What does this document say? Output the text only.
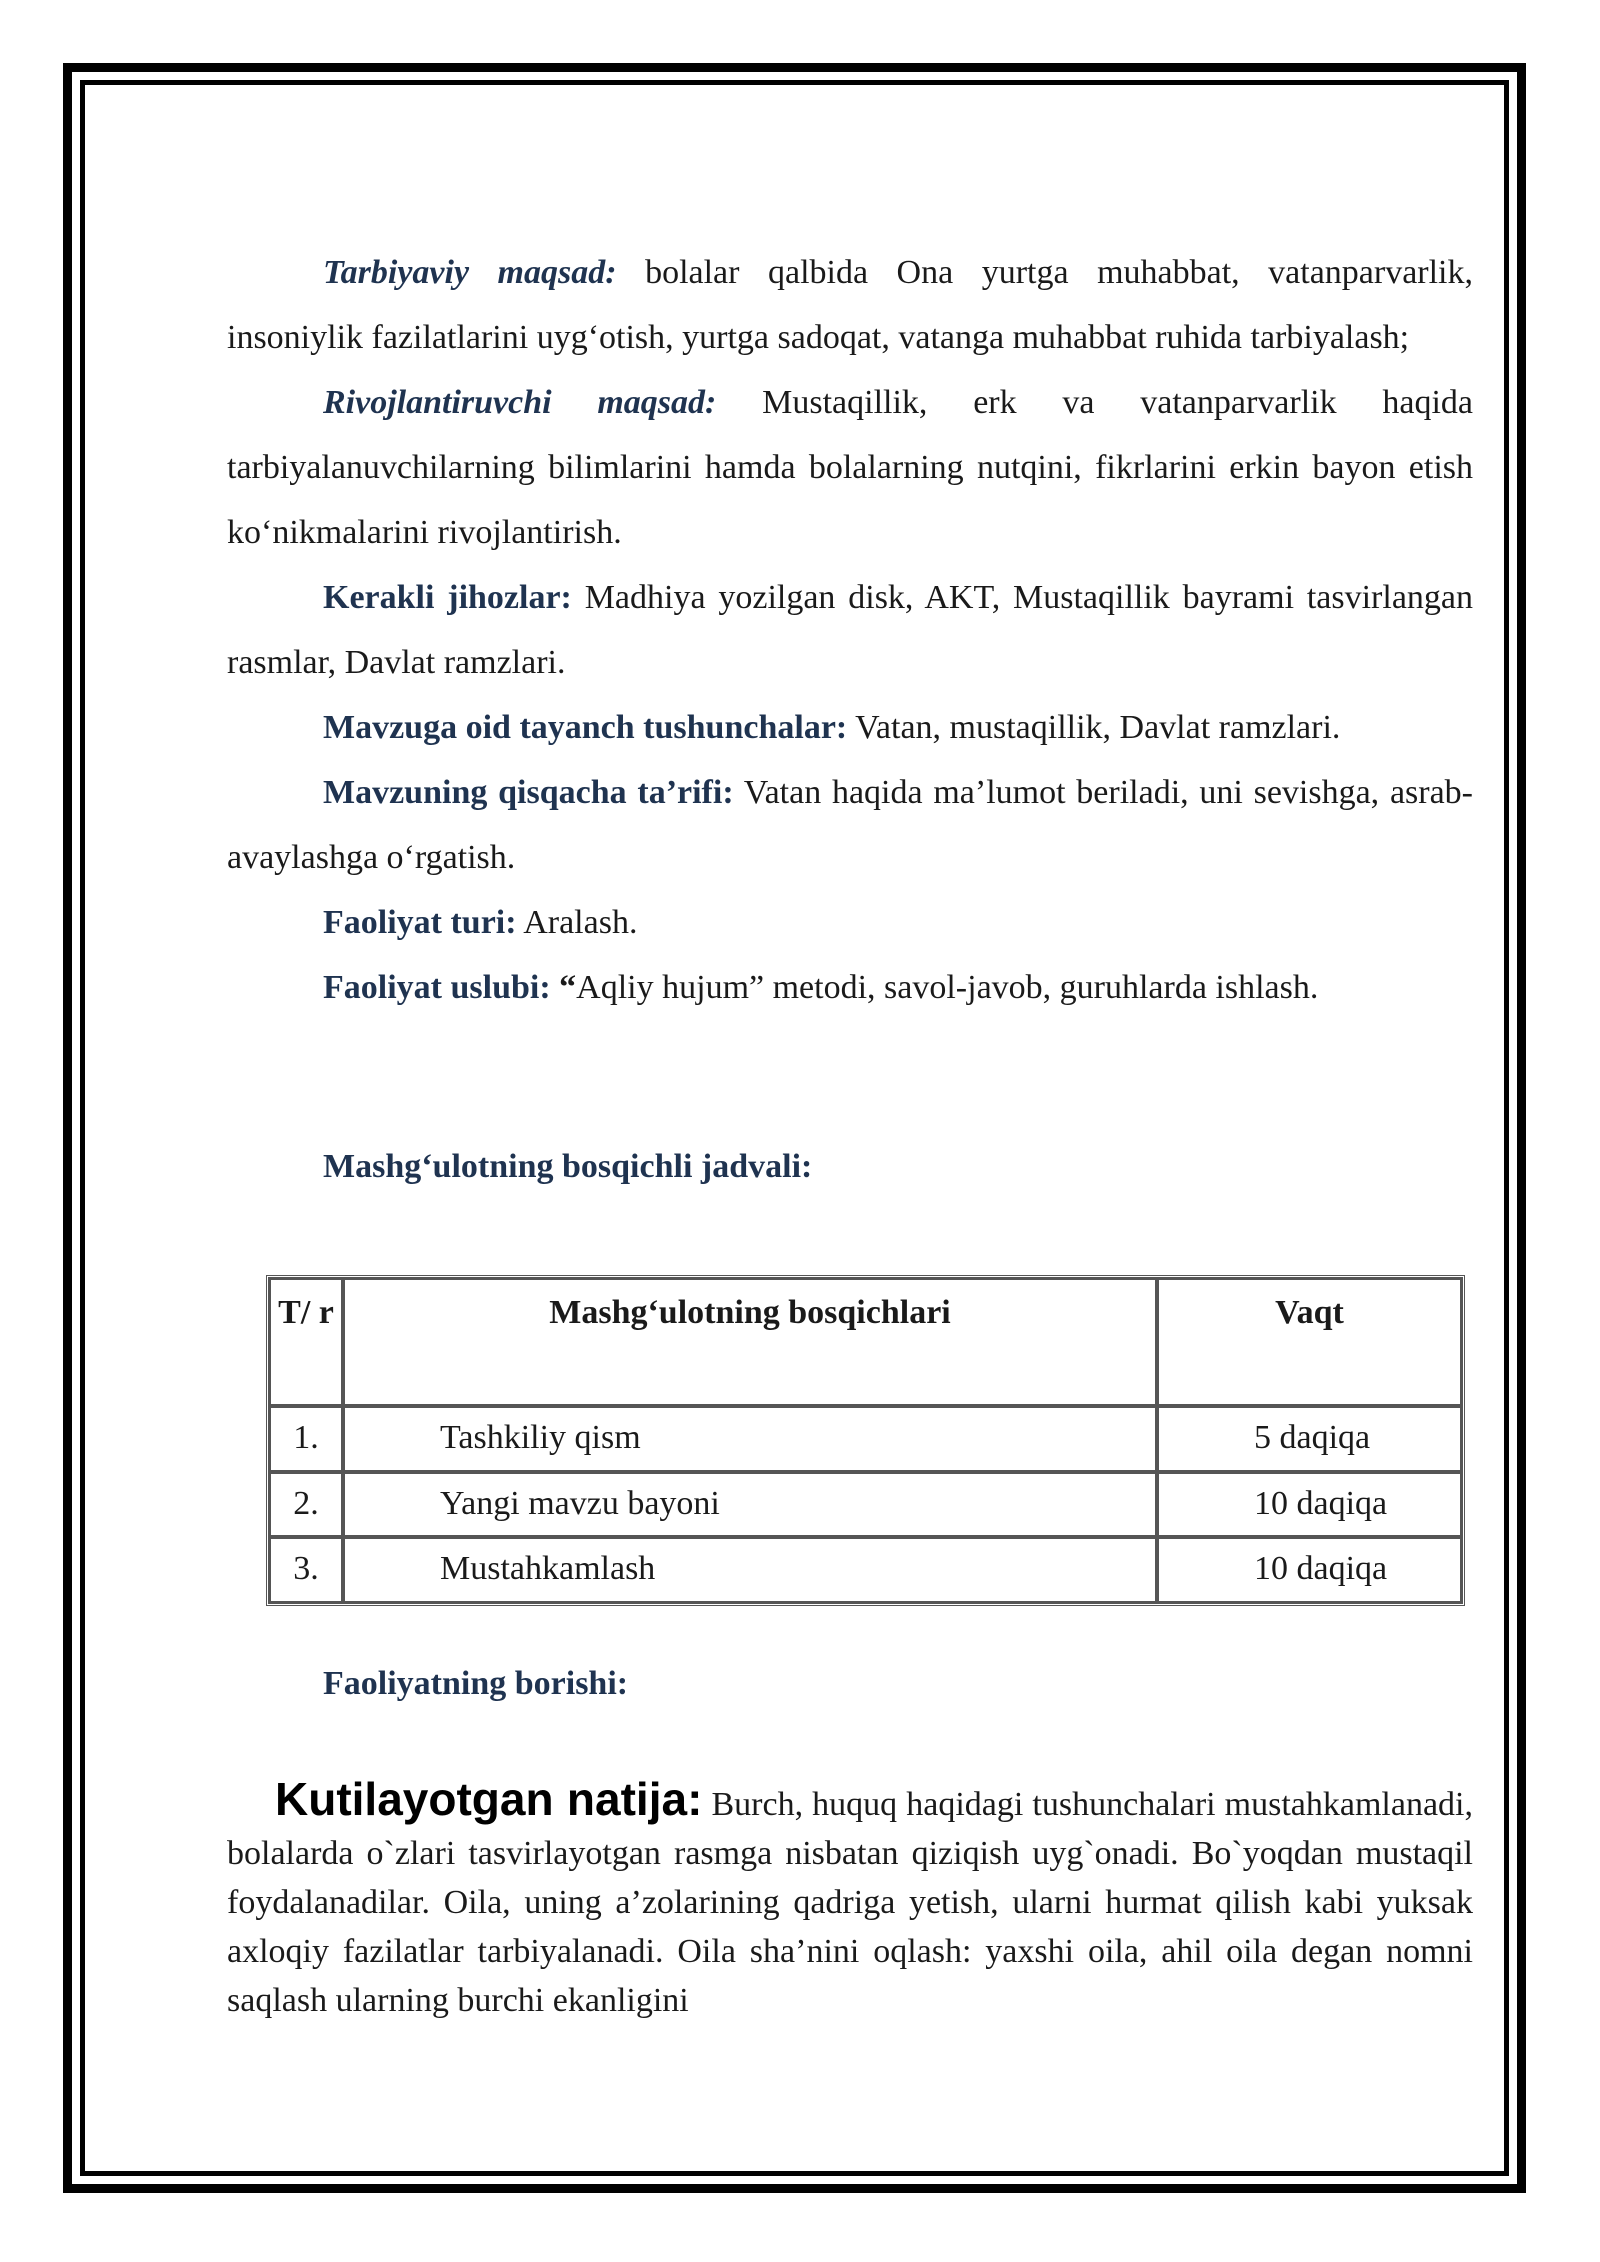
Tarbiyaviy maqsad: bolalar qalbida Ona yurtga muhabbat, vatanparvarlik, insoniylik fazilatlarini uyg‘otish, yurtga sadoqat, vatanga muhabbat ruhida tarbiyalash;

Rivojlantiruvchi maqsad: Mustaqillik, erk va vatanparvarlik haqida tarbiyalanuvchilarning bilimlarini hamda bolalarning nutqini, fikrlarini erkin bayon etish ko‘nikmalarini rivojlantirish.

Kerakli jihozlar: Madhiya yozilgan disk, AKT, Mustaqillik bayrami tasvirlangan rasmlar, Davlat ramzlari.

Mavzuga oid tayanch tushunchalar: Vatan, mustaqillik, Davlat ramzlari.

Mavzuning qisqacha ta’rifi: Vatan haqida ma’lumot beriladi, uni sevishga, asrab-avaylashga o‘rgatish.

Faoliyat turi: Aralash.

Faoliyat uslubi: “Aqliy hujum” metodi, savol-javob, guruhlarda ishlash.

Mashg‘ulotning bosqichli jadvali:
T/ r	Mashg‘ulotning bosqichlari	Vaqt
1.	Tashkiliy qism	5 daqiqa
2.	Yangi mavzu bayoni	10 daqiqa
3.	Mustahkamlash	10 daqiqa
Faoliyatning borishi:

Kutilayotgan natija: Burch, huquq haqidagi tushunchalari mustahkamlanadi, bolalarda o`zlari tasvirlayotgan rasmga nisbatan qiziqish uyg`onadi. Bo`yoqdan mustaqil foydalanadilar. Oila, uning a’zolarining qadriga yetish, ularni hurmat qilish kabi yuksak axloqiy fazilatlar tarbiyalanadi. Oila sha’nini oqlash: yaxshi oila, ahil oila degan nomni saqlash ularning burchi ekanligini
